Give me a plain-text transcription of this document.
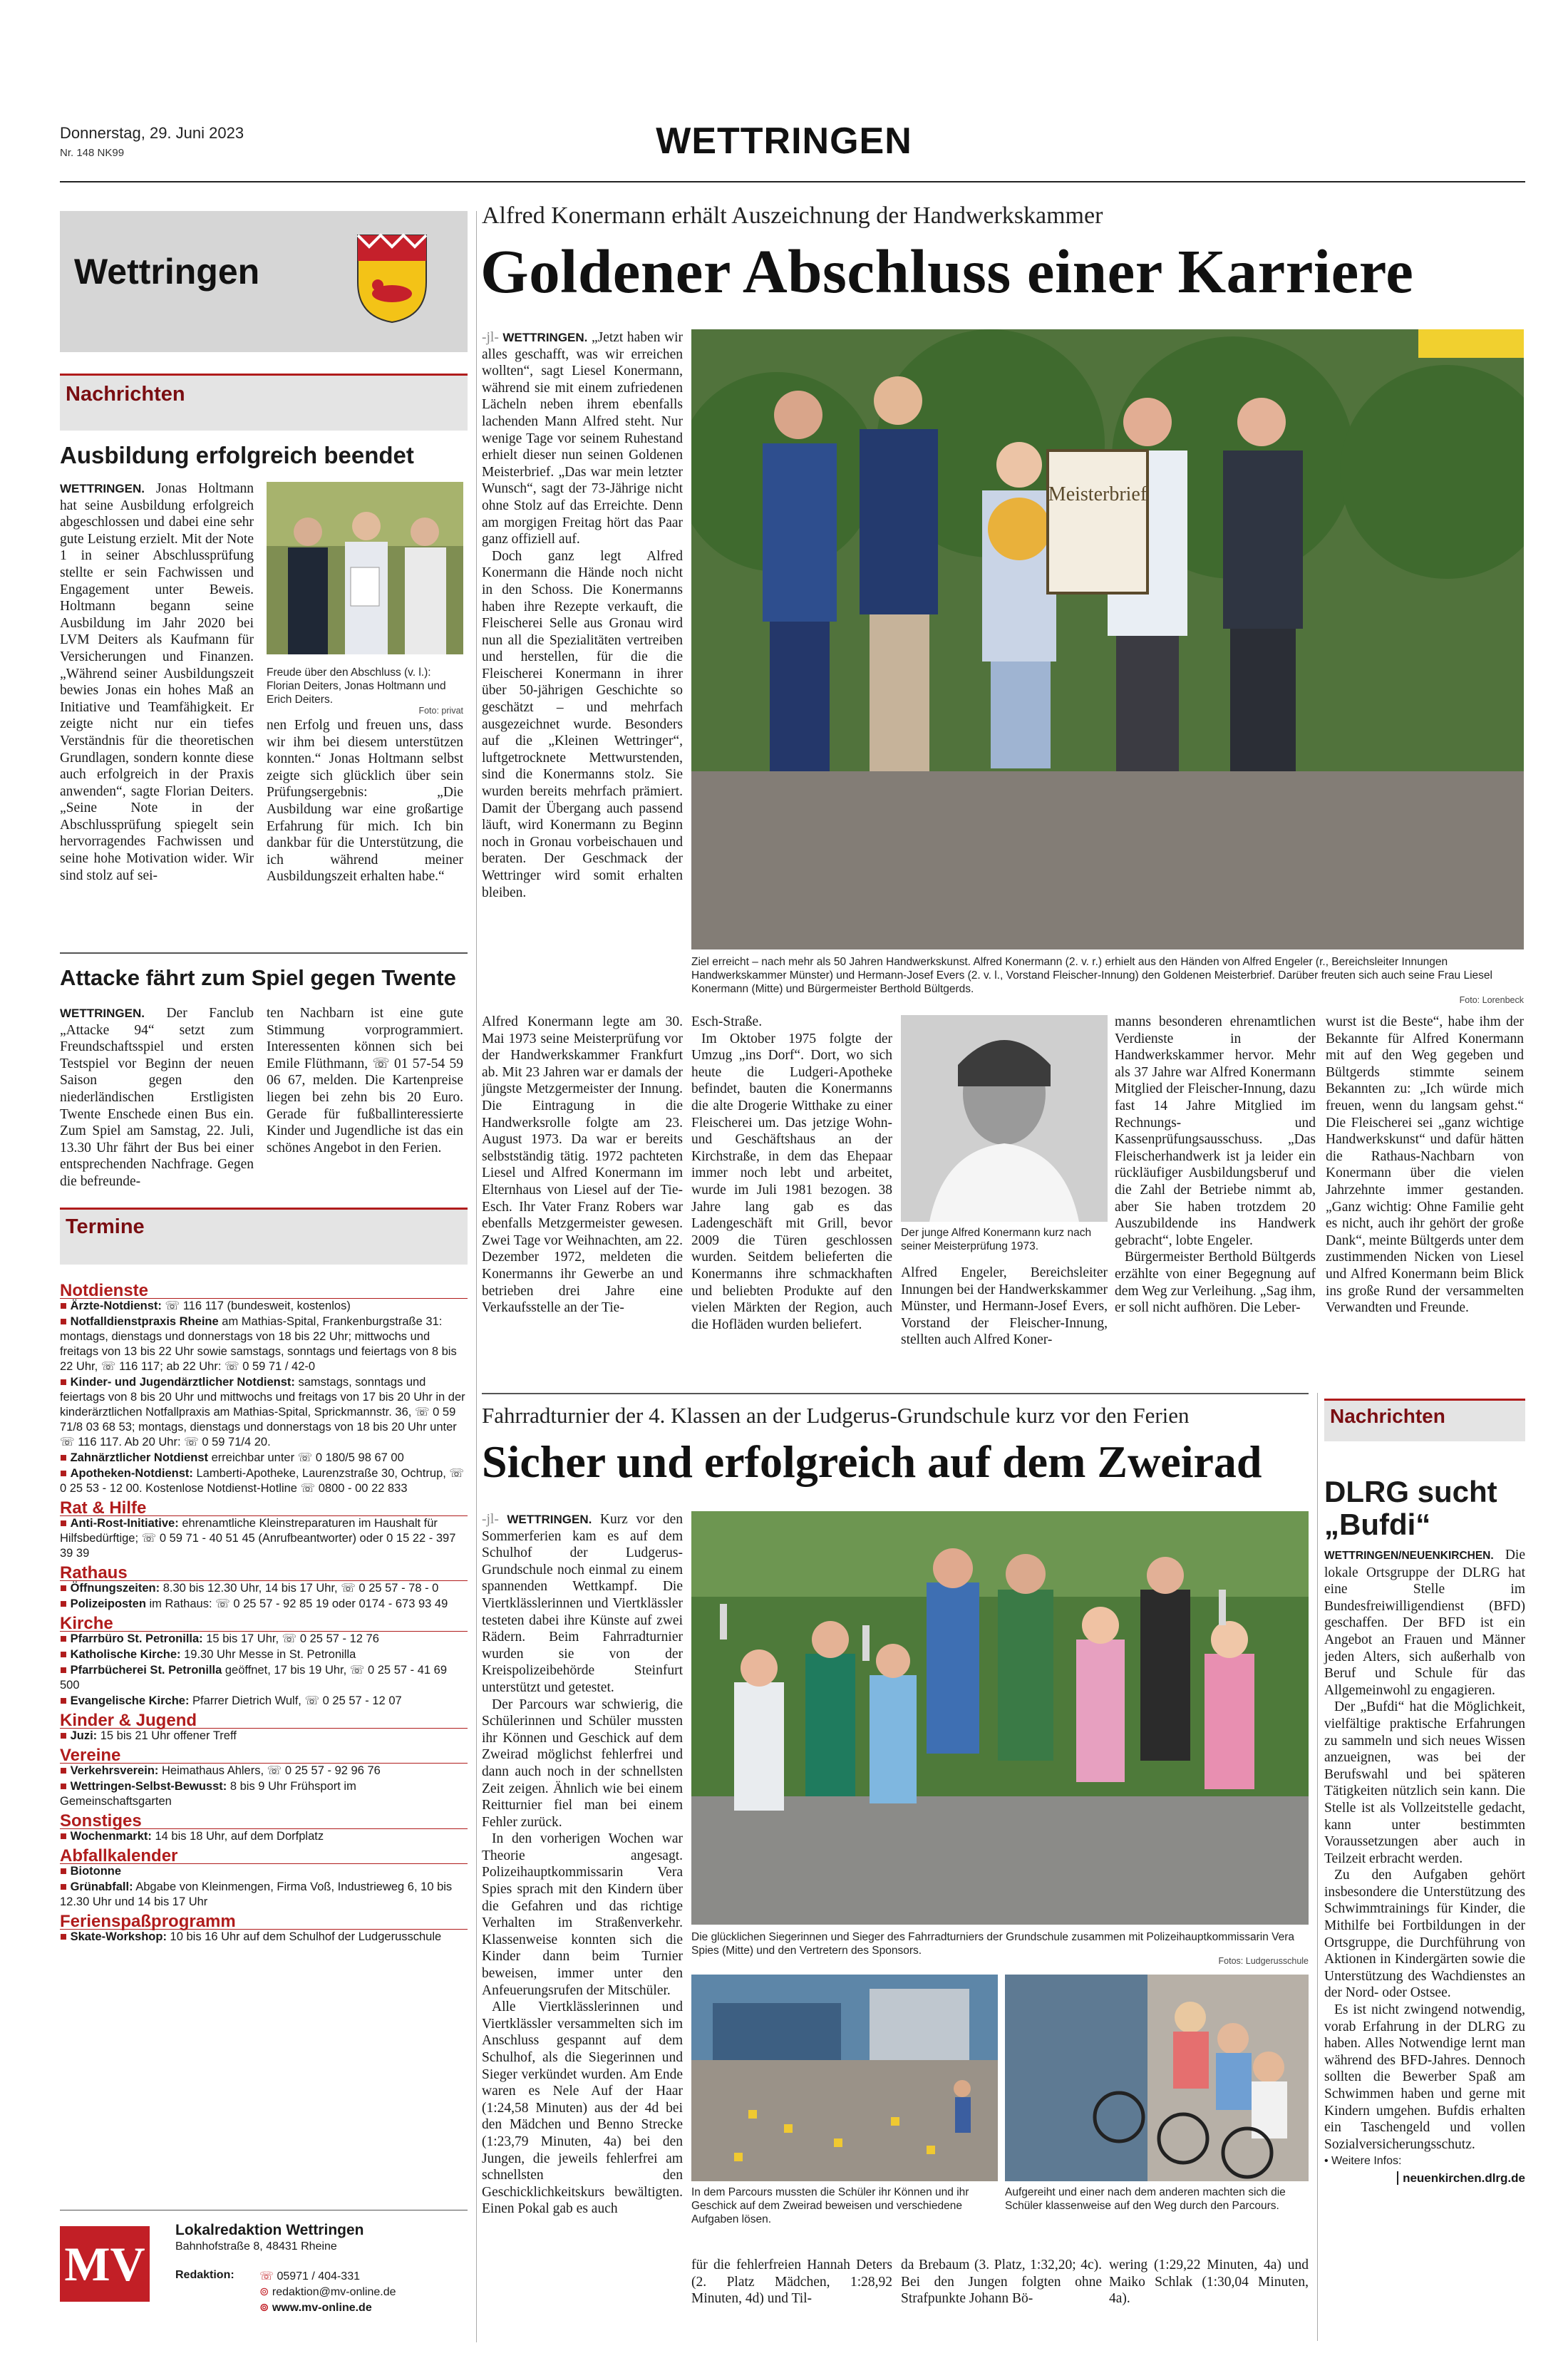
Donnerstag, 29. Juni 2023
Nr. 148 NK99	WETTRINGEN
Wettringen
Nachrichten
Ausbildung erfolgreich beendet

WETTRINGEN. Jonas Holtmann hat seine Ausbildung erfolgreich abgeschlossen und dabei eine sehr gute Leistung erzielt. Mit der Note 1 in seiner Abschlussprüfung stellte er sein Fachwissen und Engagement unter Beweis. Holtmann begann seine Ausbildung im Jahr 2020 bei LVM Deiters als Kaufmann für Versicherungen und Finanzen. „Während seiner Ausbildungszeit bewies Jonas ein hohes Maß an Initiative und Teamfähigkeit. Er zeigte nicht nur ein tiefes Verständnis für die theoretischen Grundlagen, sondern konnte diese auch erfolgreich in der Praxis anwenden“, sagte Florian Deiters. „Seine Note in der Abschlussprüfung spiegelt sein hervorragendes Fachwissen und seine hohe Motivation wider. Wir sind stolz auf sei-

Freude über den Abschluss (v. l.): Florian Deiters, Jonas Holtmann und Erich Deiters.
Foto: privat

nen Erfolg und freuen uns, dass wir ihm bei diesem unterstützen konnten.“ Jonas Holtmann selbst zeigte sich glücklich über sein Prüfungsergebnis: „Die Ausbildung war eine großartige Erfahrung für mich. Ich bin dankbar für die Unterstützung, die ich während meiner Ausbildungszeit erhalten habe.“

Attacke fährt zum Spiel gegen Twente

WETTRINGEN. Der Fanclub „Attacke 94“ setzt zum Freundschaftsspiel und ersten Testspiel vor Beginn der neuen Saison gegen den niederländischen Erstligisten Twente Enschede einen Bus ein. Zum Spiel am Samstag, 22. Juli, 13.30 Uhr fährt der Bus bei einer entsprechenden Nachfrage. Gegen die befreunde-

ten Nachbarn ist eine gute Stimmung vorprogrammiert. Interessenten können sich bei Emile Flüthmann, ☏ 01 57-54 59 06 67, melden. Die Kartenpreise liegen bei zehn bis 20 Euro. Gerade für fußballinteressierte Kinder und Jugendliche ist das ein schönes Angebot in den Ferien.

Termine
Notdienste
■ Ärzte-Notdienst: ☏ 116 117 (bundesweit, kostenlos)
■ Notfalldienstpraxis Rheine am Mathias-Spital, Frankenburgstraße 31: montags, dienstags und donnerstags von 18 bis 22 Uhr; mittwochs und freitags von 13 bis 22 Uhr sowie samstags, sonntags und feiertags von 8 bis 22 Uhr, ☏ 116 117; ab 22 Uhr: ☏ 0 59 71 / 42-0
■ Kinder- und Jugendärztlicher Notdienst: samstags, sonntags und feiertags von 8 bis 20 Uhr und mittwochs und freitags von 17 bis 20 Uhr in der kinderärztlichen Notfallpraxis am Mathias-Spital, Sprickmannstr. 36, ☏ 0 59 71/8 03 68 53; montags, dienstags und donnerstags von 18 bis 20 Uhr unter ☏ 116 117. Ab 20 Uhr: ☏ 0 59 71/4 20.
■ Zahnärztlicher Notdienst erreichbar unter ☏ 0 180/5 98 67 00
■ Apotheken-Notdienst: Lamberti-Apotheke, Laurenzstraße 30, Ochtrup, ☏ 0 25 53 - 12 00. Kostenlose Notdienst-Hotline ☏ 0800 - 00 22 833
Rat & Hilfe
■ Anti-Rost-Initiative: ehrenamtliche Kleinstreparaturen im Haushalt für Hilfsbedürftige; ☏ 0 59 71 - 40 51 45 (Anrufbeantworter) oder 0 15 22 - 397 39 39
Rathaus
■ Öffnungszeiten: 8.30 bis 12.30 Uhr, 14 bis 17 Uhr, ☏ 0 25 57 - 78 - 0
■ Polizeiposten im Rathaus: ☏ 0 25 57 - 92 85 19 oder 0174 - 673 93 49
Kirche
■ Pfarrbüro St. Petronilla: 15 bis 17 Uhr, ☏ 0 25 57 - 12 76
■ Katholische Kirche: 19.30 Uhr Messe in St. Petronilla
■ Pfarrbücherei St. Petronilla geöffnet, 17 bis 19 Uhr, ☏ 0 25 57 - 41 69 500
■ Evangelische Kirche: Pfarrer Dietrich Wulf, ☏ 0 25 57 - 12 07
Kinder & Jugend
■ Juzi: 15 bis 21 Uhr offener Treff
Vereine
■ Verkehrsverein: Heimathaus Ahlers, ☏ 0 25 57 - 92 96 76
■ Wettringen-Selbst-Bewusst: 8 bis 9 Uhr Frühsport im Gemeinschaftsgarten
Sonstiges
■ Wochenmarkt: 14 bis 18 Uhr, auf dem Dorfplatz
Abfallkalender
■ Biotonne
■ Grünabfall: Abgabe von Kleinmengen, Firma Voß, Industrieweg 6, 10 bis 12.30 Uhr und 14 bis 17 Uhr
Ferienspaßprogramm
■ Skate-Workshop: 10 bis 16 Uhr auf dem Schulhof der Ludgerusschule
MV
Lokalredaktion Wettringen
Bahnhofstraße 8, 48431 Rheine
Redaktion: ☏ 05971 / 404-331
⊚ redaktion@mv-online.de
⊚ www.mv-online.de
Alfred Konermann erhält Auszeichnung der Handwerkskammer
Goldener Abschluss einer Karriere

-jl- WETTRINGEN. „Jetzt haben wir alles geschafft, was wir erreichen wollten“, sagt Liesel Konermann, während sie mit einem zufriedenen Lächeln neben ihrem ebenfalls lachenden Mann Alfred steht. Nur wenige Tage vor seinem Ruhestand erhielt dieser nun seinen Goldenen Meisterbrief. „Das war mein letzter Wunsch“, sagt der 73-Jährige nicht ohne Stolz auf das Erreichte. Denn am morgigen Freitag hört das Paar ganz offiziell auf.

Doch ganz legt Alfred Konermann die Hände noch nicht in den Schoss. Die Konermanns haben ihre Rezepte verkauft, die Fleischerei Selle aus Gronau wird nun all die Spezialitäten vertreiben und herstellen, für die die Fleischerei Konermann in ihrer über 50-jährigen Geschichte so geschätzt – und mehrfach ausgezeichnet wurde. Besonders auf die „Kleinen Wettringer“, luftgetrocknete Mettwurstenden, sind die Konermanns stolz. Sie wurden bereits mehrfach prämiert. Damit der Übergang auch passend läuft, wird Konermann zu Beginn noch in Gronau vorbeischauen und beraten. Der Geschmack der Wettringer wird somit erhalten bleiben.

Meisterbrief
Ziel erreicht – nach mehr als 50 Jahren Handwerkskunst. Alfred Konermann (2. v. r.) erhielt aus den Händen von Alfred Engeler (r., Bereichsleiter Innungen Handwerkskammer Münster) und Hermann-Josef Evers (2. v. l., Vorstand Fleischer-Innung) den Goldenen Meisterbrief. Darüber freuten sich auch seine Frau Liesel Konermann (Mitte) und Bürgermeister Berthold Bültgerds.
Foto: Lorenbeck

Alfred Konermann legte am 30. Mai 1973 seine Meisterprüfung vor der Handwerkskammer Frankfurt ab. Mit 23 Jahren war er damals der jüngste Metzgermeister der Innung. Die Eintragung in die Handwerksrolle folgte am 23. August 1973. Da war er bereits selbstständig tätig. 1972 pachteten Liesel und Alfred Konermann im Elternhaus von Liesel auf der Tie-Esch. Ihr Vater Franz Robers war ebenfalls Metzgermeister gewesen. Zwei Tage vor Weihnachten, am 22. Dezember 1972, meldeten die Konermanns ihr Gewerbe an und betrieben drei Jahre eine Verkaufsstelle an der Tie-

Esch-Straße.

Im Oktober 1975 folgte der Umzug „ins Dorf“. Dort, wo sich heute die Ludgeri-Apotheke befindet, bauten die Konermanns die alte Drogerie Witthake zu einer Fleischerei um. Das jetzige Wohn- und Geschäftshaus an der Kirchstraße, in dem das Ehepaar immer noch lebt und arbeitet, wurde im Juli 1981 bezogen. 38 Jahre lang gab es das Ladengeschäft mit Grill, bevor 2009 die Türen geschlossen wurden. Seitdem belieferten die Konermanns ihre schmackhaften und beliebten Produkte auf den vielen Märkten der Region, auch die Hofläden wurden beliefert.

Der junge Alfred Konermann kurz nach seiner Meisterprüfung 1973.

Alfred Engeler, Bereichsleiter Innungen bei der Handwerkskammer Münster, und Hermann-Josef Evers, Vorstand der Fleischer-Innung, stellten auch Alfred Koner-

manns besonderen ehrenamtlichen Verdienste in der Handwerkskammer hervor. Mehr als 37 Jahre war Alfred Konermann Mitglied der Fleischer-Innung, dazu fast 14 Jahre Mitglied im Rechnungs- und Kassenprüfungsausschuss. „Das Fleischerhandwerk ist ja leider ein rückläufiger Ausbildungsberuf und die Zahl der Betriebe nimmt ab, aber Sie haben trotzdem 20 Auszubildende ins Handwerk gebracht“, lobte Engeler.

Bürgermeister Berthold Bültgerds erzählte von einer Begegnung auf dem Weg zur Verleihung. „Sag ihm, er soll nicht aufhören. Die Leber-

wurst ist die Beste“, habe ihm der Bekannte für Alfred Konermann mit auf den Weg gegeben und Bültgerds stimmte seinem Bekannten zu: „Ich würde mich freuen, wenn du langsam gehst.“ Die Fleischerei sei „ganz wichtige Handwerkskunst“ und dafür hätten die Rathaus-Nachbarn von Konermann über die vielen Jahrzehnte immer gestanden. „Ganz wichtig: Ohne Familie geht es nicht, auch ihr gehört der große Dank“, meinte Bültgerds unter dem zustimmenden Nicken von Liesel und Alfred Konermann beim Blick ins große Rund der versammelten Verwandten und Freunde.

Fahrradturnier der 4. Klassen an der Ludgerus-Grundschule kurz vor den Ferien
Sicher und erfolgreich auf dem Zweirad

-jl- WETTRINGEN. Kurz vor den Sommerferien kam es auf dem Schulhof der Ludgerus-Grundschule noch einmal zu einem spannenden Wettkampf. Die Viertklässlerinnen und Viertklässler testeten dabei ihre Künste auf zwei Rädern. Beim Fahrradturnier wurden sie von der Kreispolizeibehörde Steinfurt unterstützt und getestet.

Der Parcours war schwierig, die Schülerinnen und Schüler mussten ihr Können und Geschick auf dem Zweirad möglichst fehlerfrei und dann auch noch in der schnellsten Zeit zeigen. Ähnlich wie bei einem Reitturnier fiel man bei einem Fehler zurück.

In den vorherigen Wochen war Theorie angesagt. Polizeihauptkommissarin Vera Spies sprach mit den Kindern über die Gefahren und das richtige Verhalten im Straßenverkehr. Klassenweise konnten sich die Kinder dann beim Turnier beweisen, immer unter den Anfeuerungsrufen der Mitschüler.

Alle Viertklässlerinnen und Viertklässler versammelten sich im Anschluss gespannt auf dem Schulhof, als die Siegerinnen und Sieger verkündet wurden. Am Ende waren es Nele Auf der Haar (1:24,58 Minuten) aus der 4d bei den Mädchen und Benno Strecke (1:23,79 Minuten, 4a) bei den Jungen, die jeweils fehlerfrei am schnellsten den Geschicklichkeitskurs bewältigten. Einen Pokal gab es auch

Die glücklichen Siegerinnen und Sieger des Fahrradturniers der Grundschule zusammen mit Polizeihauptkommissarin Vera Spies (Mitte) und den Vertretern des Sponsors.
Fotos: Ludgerusschule
In dem Parcours mussten die Schüler ihr Können und ihr Geschick auf dem Zweirad beweisen und verschiedene Aufgaben lösen.
Aufgereiht und einer nach dem anderen machten sich die Schüler klassenweise auf den Weg durch den Parcours.

für die fehlerfreien Hannah Deters (2. Platz Mädchen, 1:28,92 Minuten, 4d) und Til-

da Brebaum (3. Platz, 1:32,20; 4c). Bei den Jungen folgten ohne Strafpunkte Johann Bö-

wering (1:29,22 Minuten, 4a) und Maiko Schlak (1:30,04 Minuten, 4a).

Nachrichten
DLRG sucht „Bufdi“

WETTRINGEN/NEUENKIRCHEN. Die lokale Ortsgruppe der DLRG hat eine Stelle im Bundesfreiwilligendienst (BFD) geschaffen. Der BFD ist ein Angebot an Frauen und Männer jeden Alters, sich außerhalb von Beruf und Schule für das Allgemeinwohl zu engagieren.

Der „Bufdi“ hat die Möglichkeit, vielfältige praktische Erfahrungen zu sammeln und sich neues Wissen anzueignen, was bei der Berufswahl und bei späteren Tätigkeiten nützlich sein kann. Die Stelle ist als Vollzeitstelle gedacht, kann unter bestimmten Voraussetzungen aber auch in Teilzeit erbracht werden.

Zu den Aufgaben gehört insbesondere die Unterstützung des Schwimmtrainings für Kinder, die Mithilfe bei Fortbildungen in der Ortsgruppe, die Durchführung von Aktionen in Kindergärten sowie die Unterstützung des Wachdienstes an der Nord- oder Ostsee.

Es ist nicht zwingend notwendig, vorab Erfahrung in der DLRG zu haben. Alles Notwendige lernt man während des BFD-Jahres. Dennoch sollten die Bewerber Spaß am Schwimmen haben und gerne mit Kindern umgehen. Bufdis erhalten ein Taschengeld und vollen Sozialversicherungsschutz.

• Weitere Infos:

neuenkirchen.dlrg.de
